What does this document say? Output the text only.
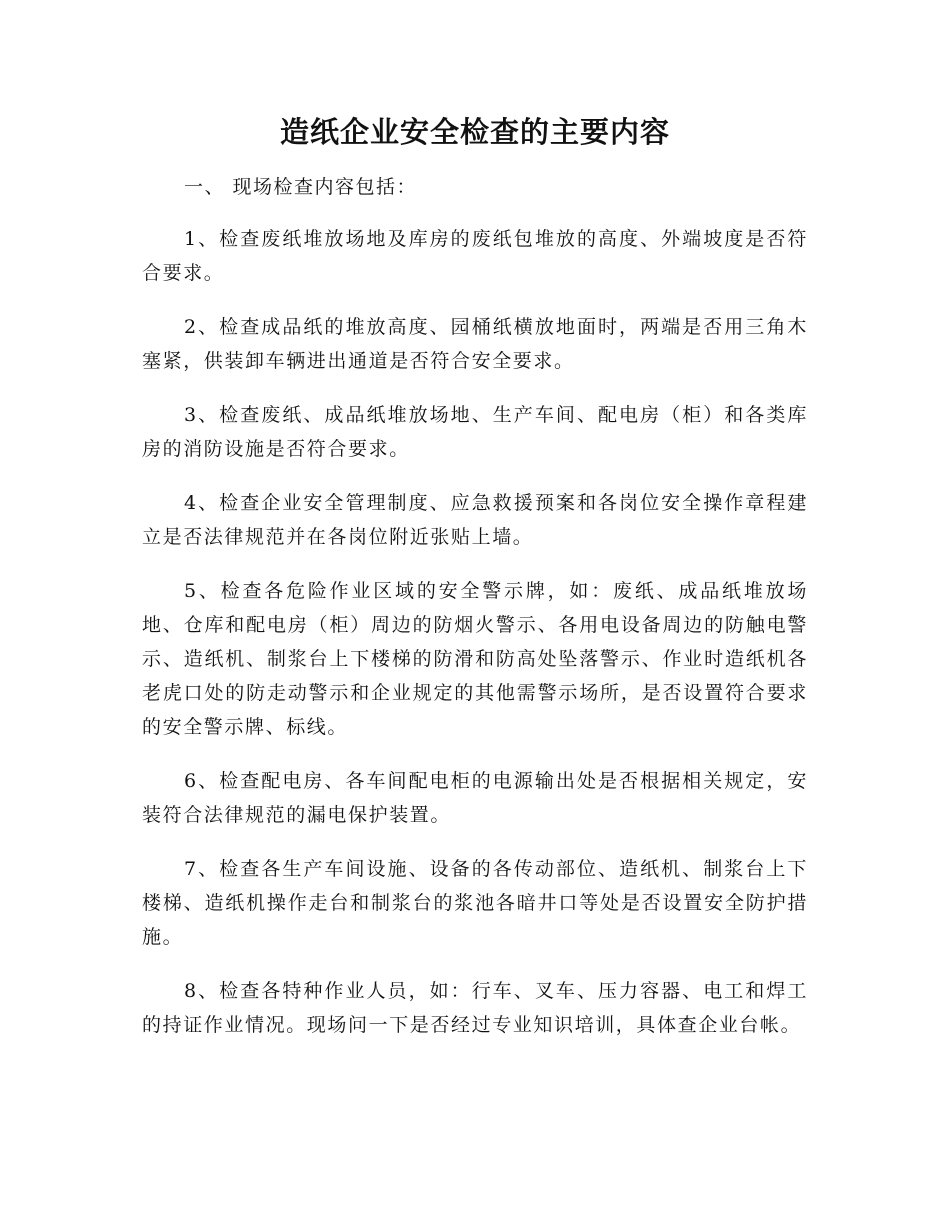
造纸企业安全检查的主要内容

一、 现场检查内容包括：

1、检查废纸堆放场地及库房的废纸包堆放的高度、外端坡度是否符合要求。

2、检查成品纸的堆放高度、园桶纸横放地面时，两端是否用三角木塞紧，供装卸车辆进出通道是否符合安全要求。

3、检查废纸、成品纸堆放场地、生产车间、配电房（柜）和各类库房的消防设施是否符合要求。

4、检查企业安全管理制度、应急救援预案和各岗位安全操作章程建立是否法律规范并在各岗位附近张贴上墙。

5、检查各危险作业区域的安全警示牌，如：废纸、成品纸堆放场地、仓库和配电房（柜）周边的防烟火警示、各用电设备周边的防触电警示、造纸机、制浆台上下楼梯的防滑和防高处坠落警示、作业时造纸机各老虎口处的防走动警示和企业规定的其他需警示场所，是否设置符合要求的安全警示牌、标线。

6、检查配电房、各车间配电柜的电源输出处是否根据相关规定，安装符合法律规范的漏电保护装置。

7、检查各生产车间设施、设备的各传动部位、造纸机、制浆台上下楼梯、造纸机操作走台和制浆台的浆池各暗井口等处是否设置安全防护措施。

8、检查各特种作业人员，如：行车、叉车、压力容器、电工和焊工的持证作业情况。现场问一下是否经过专业知识培训，具体查企业台帐。
